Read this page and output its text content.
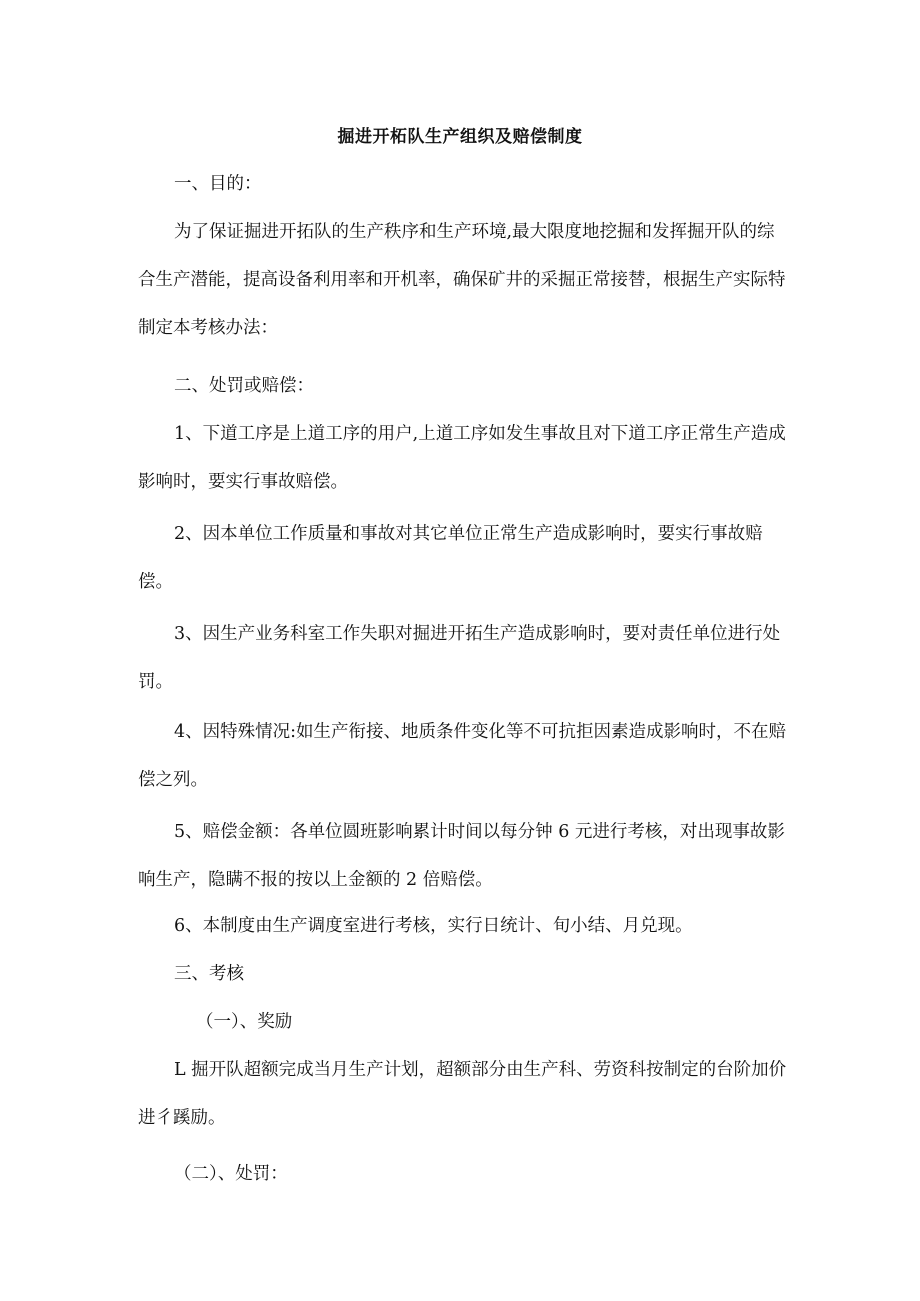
掘进开柘队生产组织及赔偿制度

一、目的：

为了保证掘进开拓队的生产秩序和生产环境,最大限度地挖掘和发挥掘开队的综合生产潜能，提高设备利用率和开机率，确保矿井的采掘正常接替，根据生产实际特制定本考核办法：

二、处罚或赔偿：

1、下道工序是上道工序的用户,上道工序如发生事故且对下道工序正常生产造成影响时，要实行事故赔偿。

2、因本单位工作质量和事故对其它单位正常生产造成影响时，要实行事故赔偿。

3、因生产业务科室工作失职对掘进开拓生产造成影响时，要对责任单位进行处罚。

4、因特殊情况:如生产衔接、地质条件变化等不可抗拒因素造成影响时，不在赔偿之列。

5、赔偿金额：各单位圆班影响累计时间以每分钟 6 元进行考核，对出现事故影响生产，隐瞒不报的按以上金额的 2 倍赔偿。

6、本制度由生产调度室进行考核，实行日统计、旬小结、月兑现。

三、考核

（一）、奖励

L 掘开队超额完成当月生产计划，超额部分由生产科、劳资科按制定的台阶加价进彳蹊励。

（二）、处罚：
